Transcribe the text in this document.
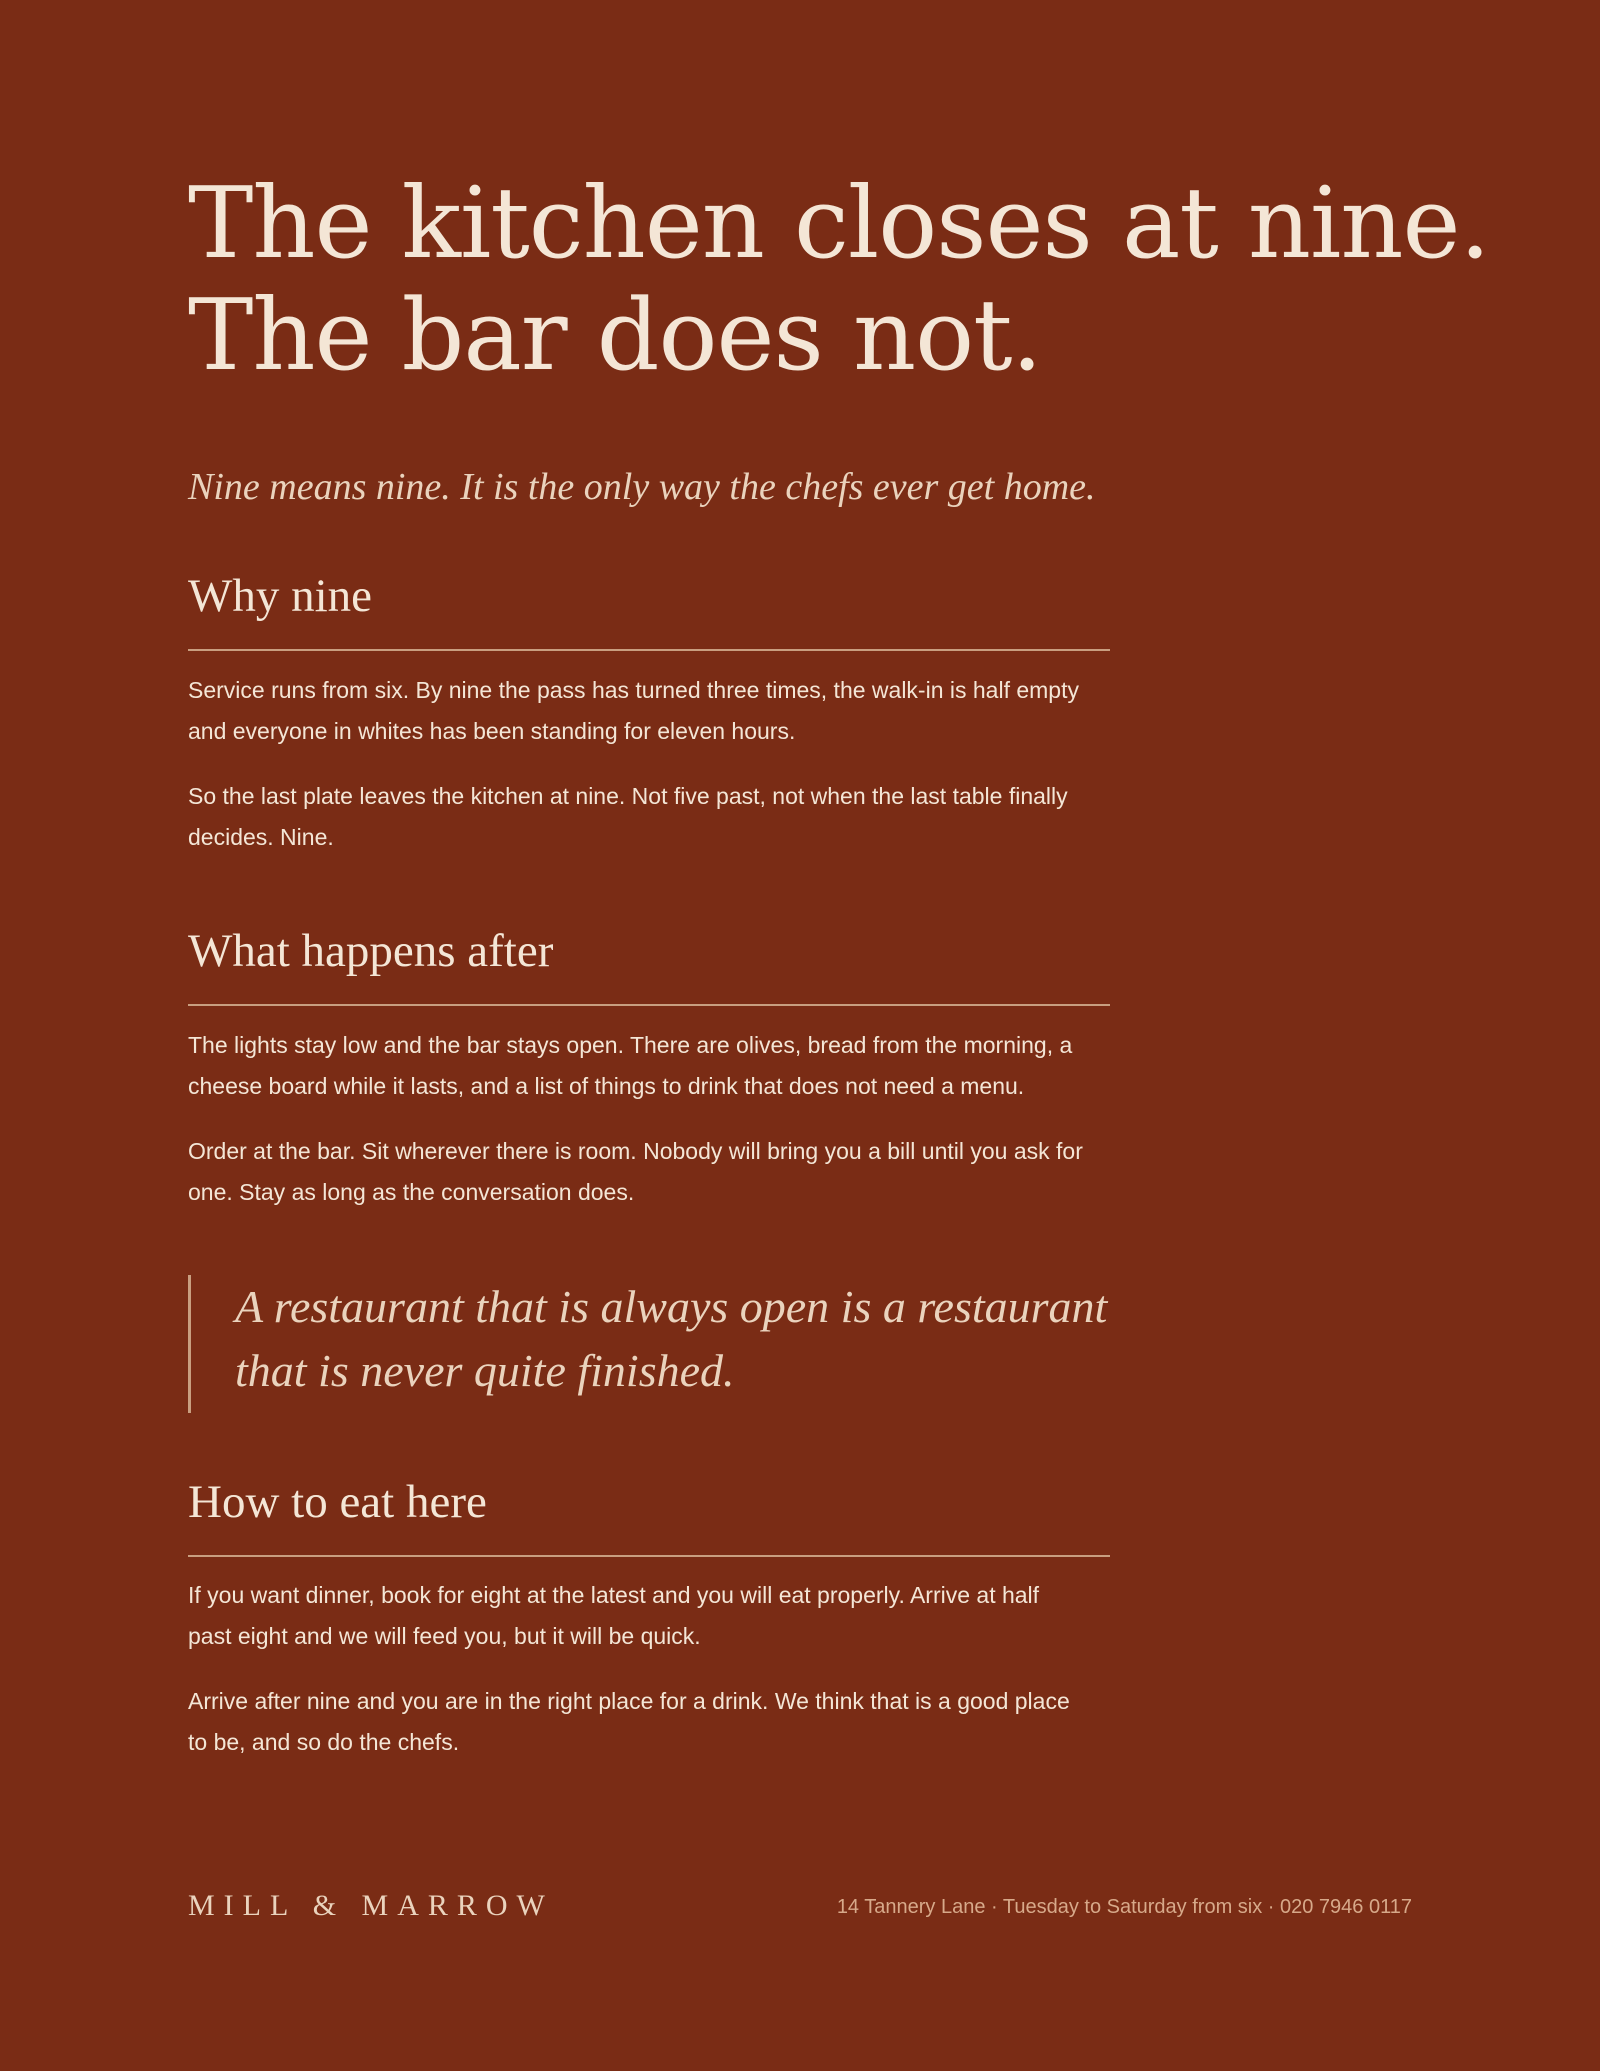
The kitchen closes at nine.
The bar does not.

Nine means nine. It is the only way the chefs ever get home.

Why nine

Service runs from six. By nine the pass has turned three times, the walk-in is half empty and everyone in whites has been standing for eleven hours.

So the last plate leaves the kitchen at nine. Not five past, not when the last table finally decides. Nine.

What happens after

The lights stay low and the bar stays open. There are olives, bread from the morning, a cheese board while it lasts, and a list of things to drink that does not need a menu.

Order at the bar. Sit wherever there is room. Nobody will bring you a bill until you ask for one. Stay as long as the conversation does.

A restaurant that is always open is a restaurant that is never quite finished.
How to eat here

If you want dinner, book for eight at the latest and you will eat properly. Arrive at half past eight and we will feed you, but it will be quick.

Arrive after nine and you are in the right place for a drink. We think that is a good place to be, and so do the chefs.

MILL & MARROW	14 Tannery Lane · Tuesday to Saturday from six · 020 7946 0117
